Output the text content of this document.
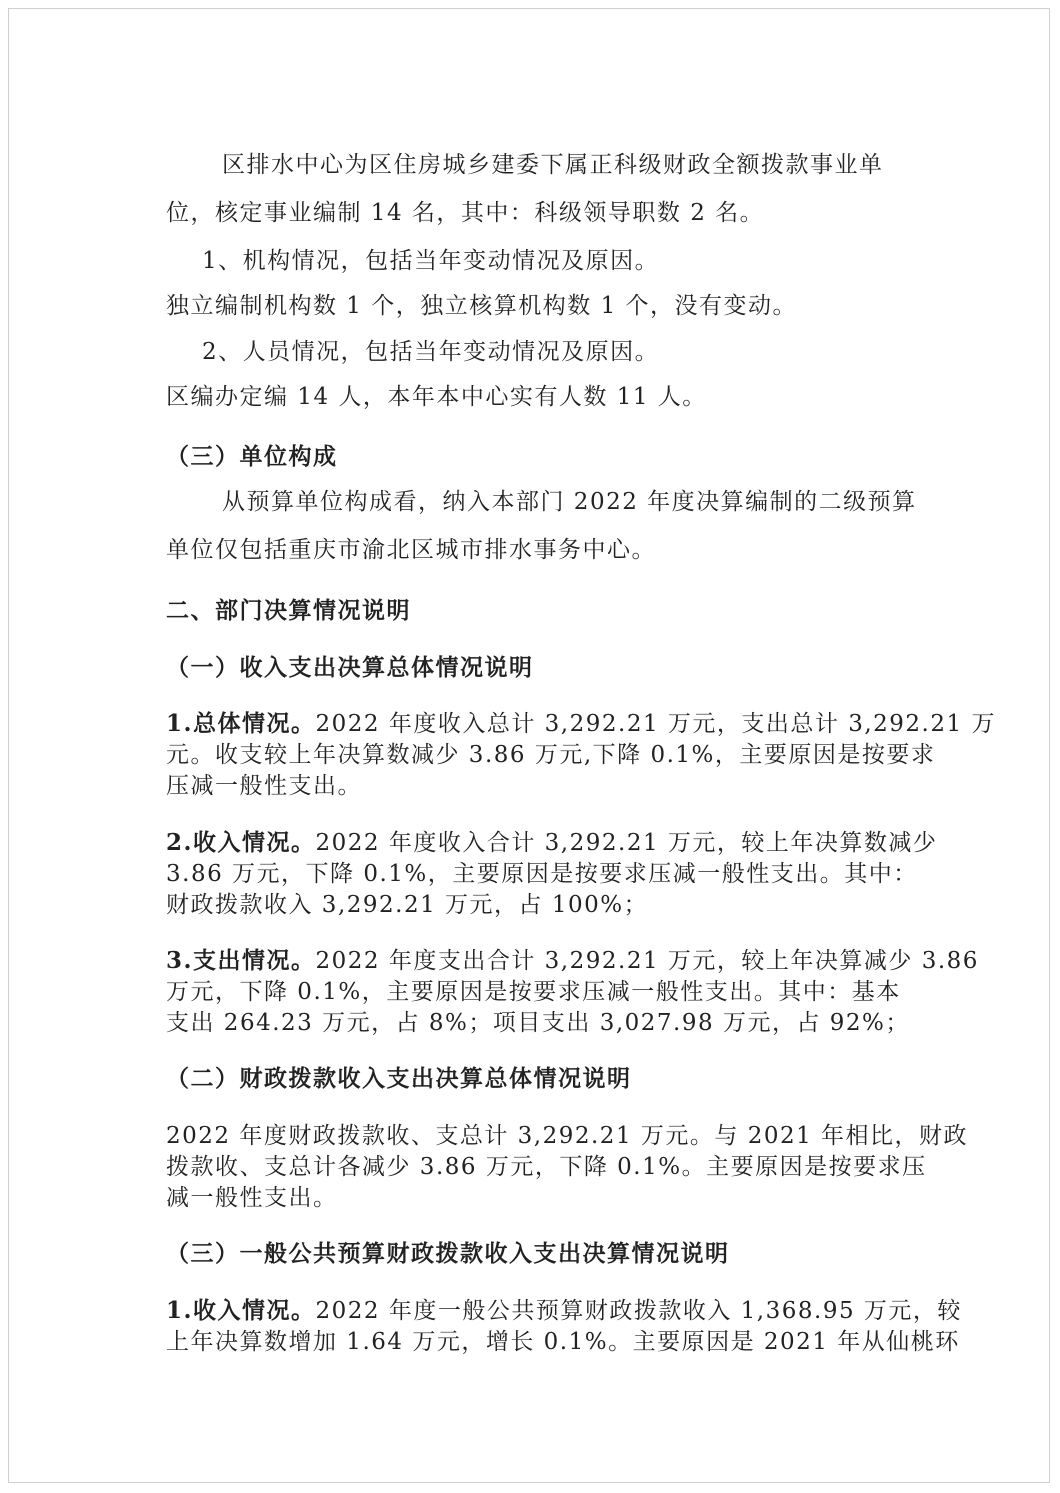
区排水中心为区住房城乡建委下属正科级财政全额拨款事业单
位，核定事业编制 14 名，其中：科级领导职数 2 名。
1、机构情况，包括当年变动情况及原因。
独立编制机构数 1 个，独立核算机构数 1 个，没有变动。
2、人员情况，包括当年变动情况及原因。
区编办定编 14 人，本年本中心实有人数 11 人。
（三）单位构成
从预算单位构成看，纳入本部门 2022 年度决算编制的二级预算
单位仅包括重庆市渝北区城市排水事务中心。
二、部门决算情况说明
（一）收入支出决算总体情况说明
1.总体情况。2022 年度收入总计 3,292.21 万元，支出总计 3,292.21 万
元。收支较上年决算数减少 3.86 万元,下降 0.1%，主要原因是按要求
压减一般性支出。
2.收入情况。2022 年度收入合计 3,292.21 万元，较上年决算数减少
3.86 万元，下降 0.1%，主要原因是按要求压减一般性支出。其中：
财政拨款收入 3,292.21 万元，占 100%；
3.支出情况。2022 年度支出合计 3,292.21 万元，较上年决算减少 3.86
万元，下降 0.1%，主要原因是按要求压减一般性支出。其中：基本
支出 264.23 万元，占 8%；项目支出 3,027.98 万元，占 92%；
（二）财政拨款收入支出决算总体情况说明
2022 年度财政拨款收、支总计 3,292.21 万元。与 2021 年相比，财政
拨款收、支总计各减少 3.86 万元，下降 0.1%。主要原因是按要求压
减一般性支出。
（三）一般公共预算财政拨款收入支出决算情况说明
1.收入情况。2022 年度一般公共预算财政拨款收入 1,368.95 万元，较
上年决算数增加 1.64 万元，增长 0.1%。主要原因是 2021 年从仙桃环
